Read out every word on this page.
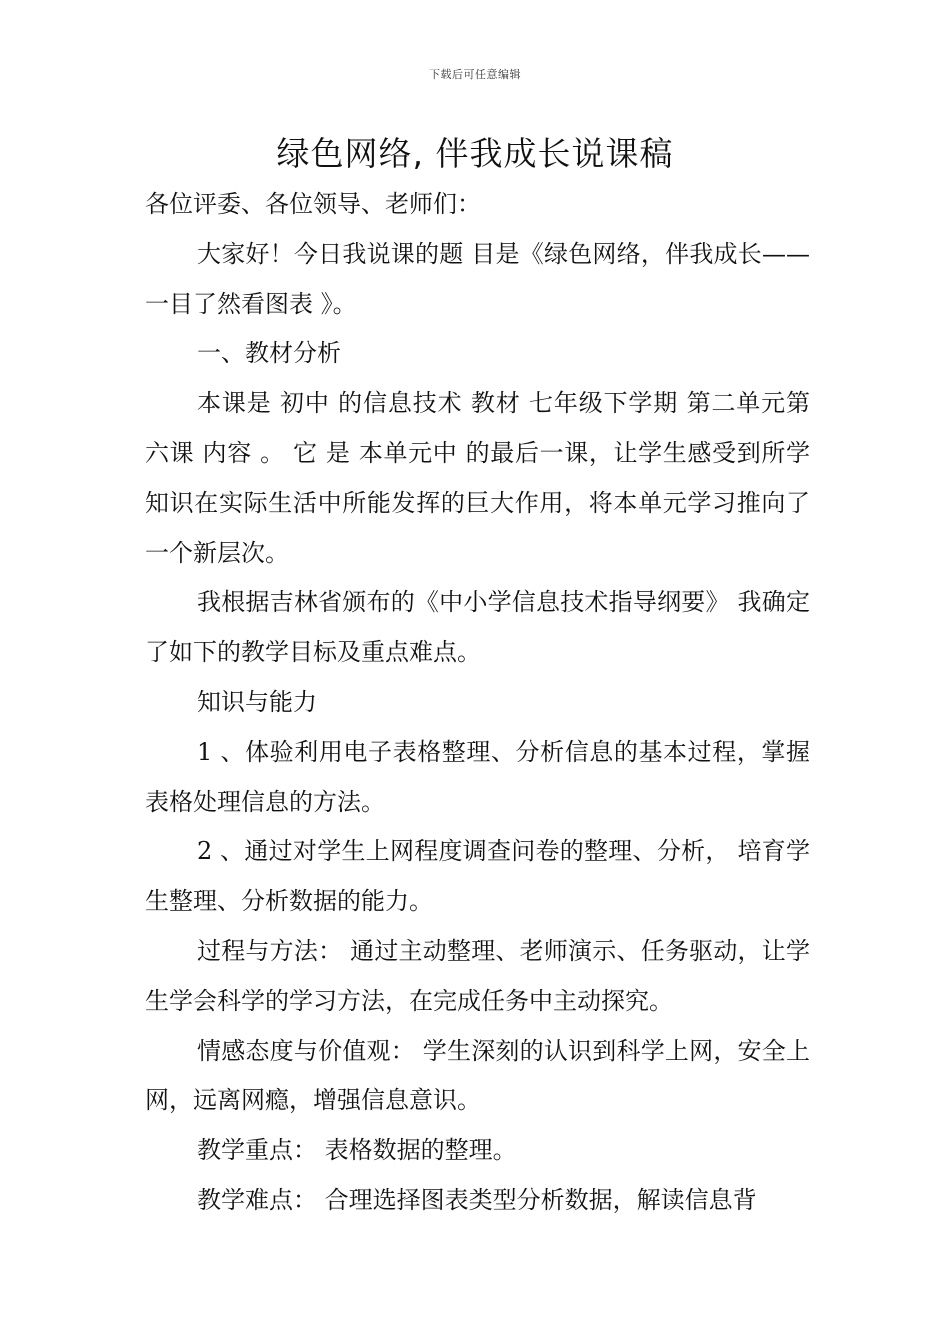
下载后可任意编辑
绿色网络, 伴我成长说课稿

各位评委、各位领导、老师们：

大家好！今日我说课的题 目是《绿色网络，伴我成长—— 一目了然看图表 》。

一、教材分析

本课是 初中 的信息技术 教材 七年级下学期 第二单元第六课 内容 。 它 是 本单元中 的最后一课，让学生感受到所学知识在实际生活中所能发挥的巨大作用，将本单元学习推向了一个新层次。

我根据吉林省颁布的《中小学信息技术指导纲要》 我确定了如下的教学目标及重点难点。

知识与能力

1 、体验利用电子表格整理、分析信息的基本过程，掌握表格处理信息的方法。

2 、通过对学生上网程度调查问卷的整理、分析， 培育学生整理、分析数据的能力。

过程与方法： 通过主动整理、老师演示、任务驱动，让学生学会科学的学习方法，在完成任务中主动探究。

情感态度与价值观： 学生深刻的认识到科学上网，安全上网，远离网瘾，增强信息意识。

教学重点： 表格数据的整理。

教学难点： 合理选择图表类型分析数据，解读信息背
